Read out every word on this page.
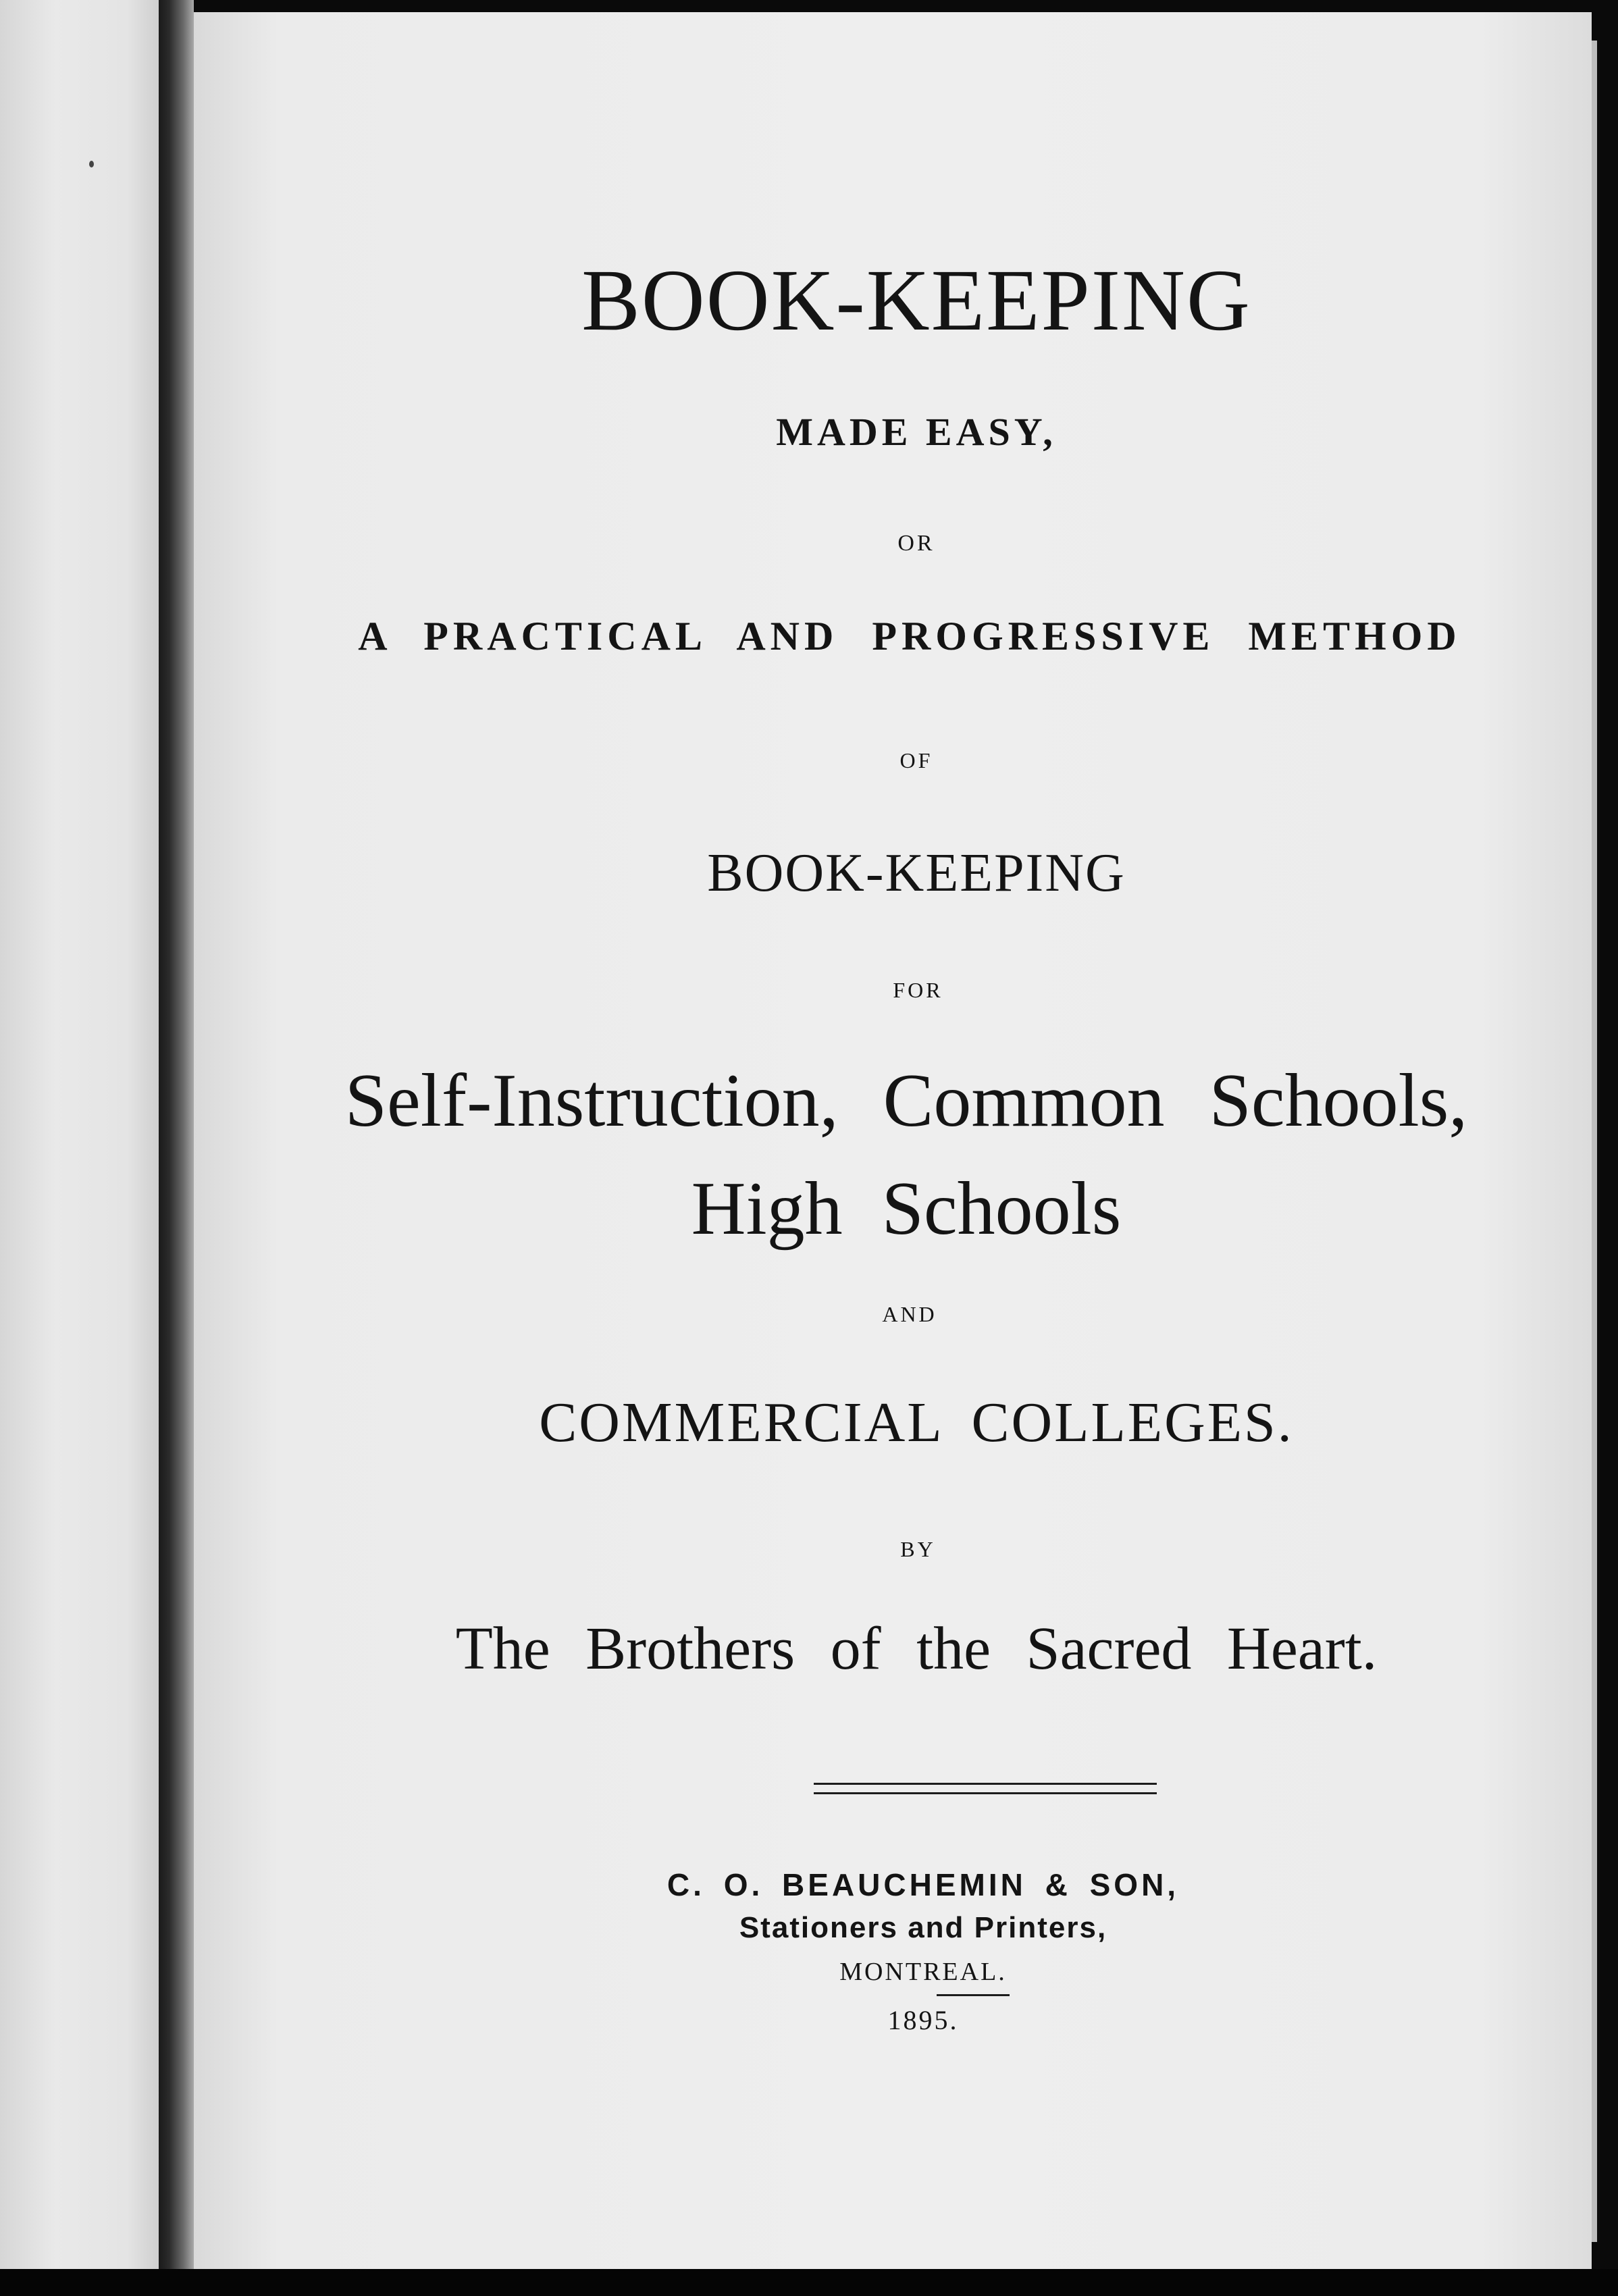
BOOK-KEEPING

MADE EASY,

OR

A PRACTICAL AND PROGRESSIVE METHOD

OF

BOOK-KEEPING

FOR

Self-Instruction, Common Schools,

High Schools

AND

COMMERCIAL COLLEGES.

BY

The Brothers of the Sacred Heart.

C. O. BEAUCHEMIN & SON,

Stationers and Printers,

MONTREAL.

1895.
